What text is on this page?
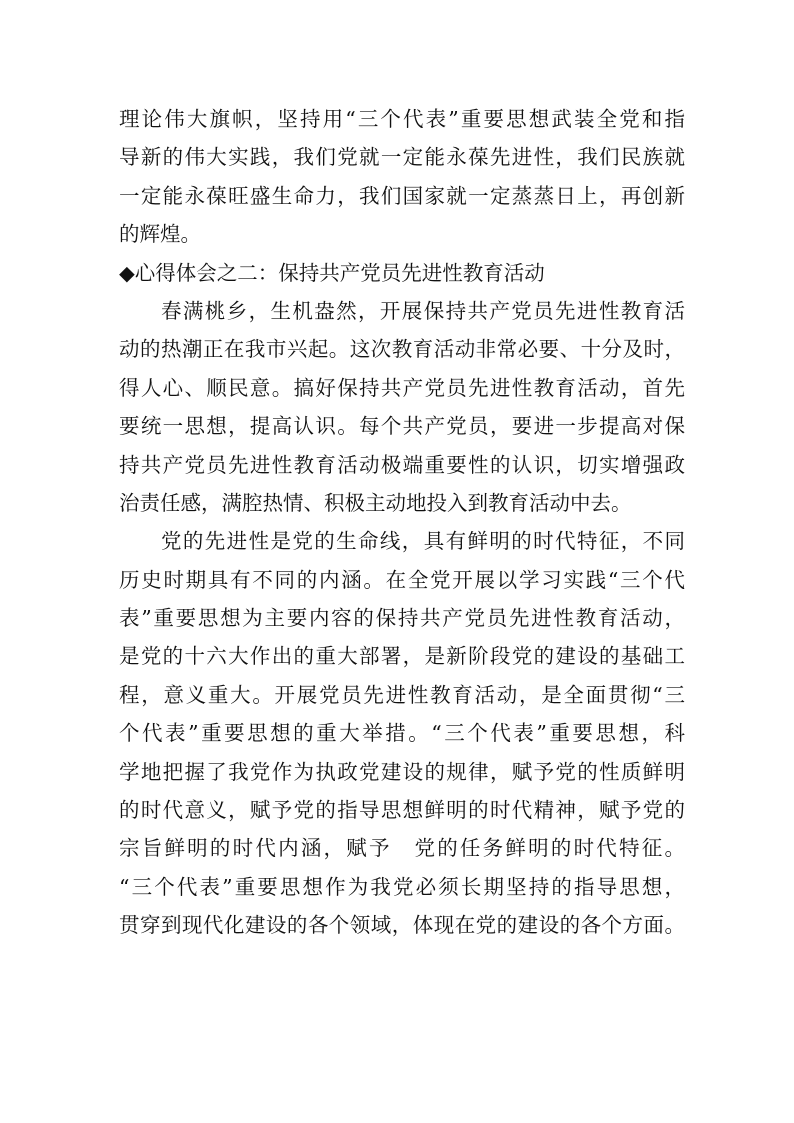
理论伟大旗帜，坚持用“三个代表”重要思想武装全党和指
导新的伟大实践，我们党就一定能永葆先进性，我们民族就
一定能永葆旺盛生命力，我们国家就一定蒸蒸日上，再创新
的辉煌。
◆心得体会之二：保持共产党员先进性教育活动
春满桃乡，生机盎然，开展保持共产党员先进性教育活
动的热潮正在我市兴起。这次教育活动非常必要、十分及时，
得人心、顺民意。搞好保持共产党员先进性教育活动，首先
要统一思想，提高认识。每个共产党员，要进一步提高对保
持共产党员先进性教育活动极端重要性的认识，切实增强政
治责任感，满腔热情、积极主动地投入到教育活动中去。
党的先进性是党的生命线，具有鲜明的时代特征，不同
历史时期具有不同的内涵。在全党开展以学习实践“三个代
表”重要思想为主要内容的保持共产党员先进性教育活动，
是党的十六大作出的重大部署，是新阶段党的建设的基础工
程，意义重大。开展党员先进性教育活动，是全面贯彻“三
个代表”重要思想的重大举措。“三个代表”重要思想，科
学地把握了我党作为执政党建设的规律，赋予党的性质鲜明
的时代意义，赋予党的指导思想鲜明的时代精神，赋予党的
宗旨鲜明的时代内涵，赋予　党的任务鲜明的时代特征。
“三个代表”重要思想作为我党必须长期坚持的指导思想，
贯穿到现代化建设的各个领域，体现在党的建设的各个方面。
